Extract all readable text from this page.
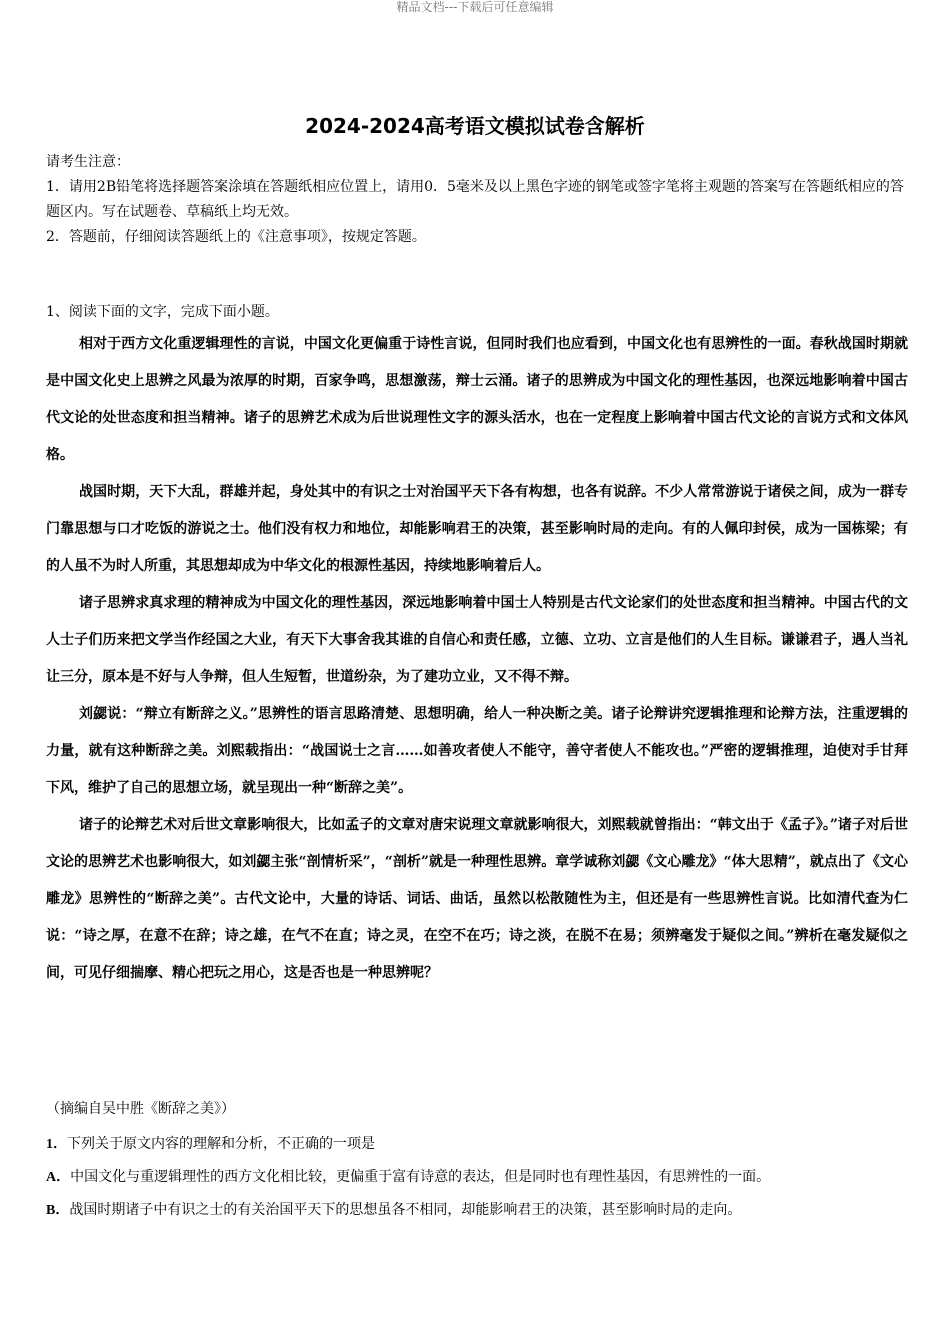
精品文档---下载后可任意编辑
2024-2024高考语文模拟试卷含解析

请考生注意：

1．请用2B铅笔将选择题答案涂填在答题纸相应位置上，请用0．5毫米及以上黑色字迹的钢笔或签字笔将主观题的答案写在答题纸相应的答题区内。写在试题卷、草稿纸上均无效。

2．答题前，仔细阅读答题纸上的《注意事项》，按规定答题。

1、阅读下面的文字，完成下面小题。

相对于西方文化重逻辑理性的言说，中国文化更偏重于诗性言说，但同时我们也应看到，中国文化也有思辨性的一面。春秋战国时期就是中国文化史上思辨之风最为浓厚的时期，百家争鸣，思想激荡，辩士云涌。诸子的思辨成为中国文化的理性基因，也深远地影响着中国古代文论的处世态度和担当精神。诸子的思辨艺术成为后世说理性文字的源头活水，也在一定程度上影响着中国古代文论的言说方式和文体风格。

战国时期，天下大乱，群雄并起，身处其中的有识之士对治国平天下各有构想，也各有说辞。不少人常常游说于诸侯之间，成为一群专门靠思想与口才吃饭的游说之士。他们没有权力和地位，却能影响君王的决策，甚至影响时局的走向。有的人佩印封侯，成为一国栋梁；有的人虽不为时人所重，其思想却成为中华文化的根源性基因，持续地影响着后人。

诸子思辨求真求理的精神成为中国文化的理性基因，深远地影响着中国士人特别是古代文论家们的处世态度和担当精神。中国古代的文人士子们历来把文学当作经国之大业，有天下大事舍我其谁的自信心和责任感，立德、立功、立言是他们的人生目标。谦谦君子，遇人当礼让三分，原本是不好与人争辩，但人生短暂，世道纷杂，为了建功立业，又不得不辩。

刘勰说：“辩立有断辞之义。”思辨性的语言思路清楚、思想明确，给人一种决断之美。诸子论辩讲究逻辑推理和论辩方法，注重逻辑的力量，就有这种断辞之美。刘熙载指出：“战国说士之言……如善攻者使人不能守，善守者使人不能攻也。”严密的逻辑推理，迫使对手甘拜下风，维护了自己的思想立场，就呈现出一种“断辞之美”。

诸子的论辩艺术对后世文章影响很大，比如孟子的文章对唐宋说理文章就影响很大，刘熙载就曾指出：“韩文出于《孟子》。”诸子对后世文论的思辨艺术也影响很大，如刘勰主张“剖情析采”，“剖析”就是一种理性思辨。章学诚称刘勰《文心雕龙》“体大思精”，就点出了《文心雕龙》思辨性的“断辞之美”。古代文论中，大量的诗话、词话、曲话，虽然以松散随性为主，但还是有一些思辨性言说。比如清代查为仁说：“诗之厚，在意不在辞；诗之雄，在气不在直；诗之灵，在空不在巧；诗之淡，在脱不在易；须辨毫发于疑似之间。”辨析在毫发疑似之间，可见仔细揣摩、精心把玩之用心，这是否也是一种思辨呢？

（摘编自吴中胜《断辞之美》）

1．下列关于原文内容的理解和分析，不正确的一项是

A．中国文化与重逻辑理性的西方文化相比较，更偏重于富有诗意的表达，但是同时也有理性基因，有思辨性的一面。

B．战国时期诸子中有识之士的有关治国平天下的思想虽各不相同，却能影响君王的决策，甚至影响时局的走向。
